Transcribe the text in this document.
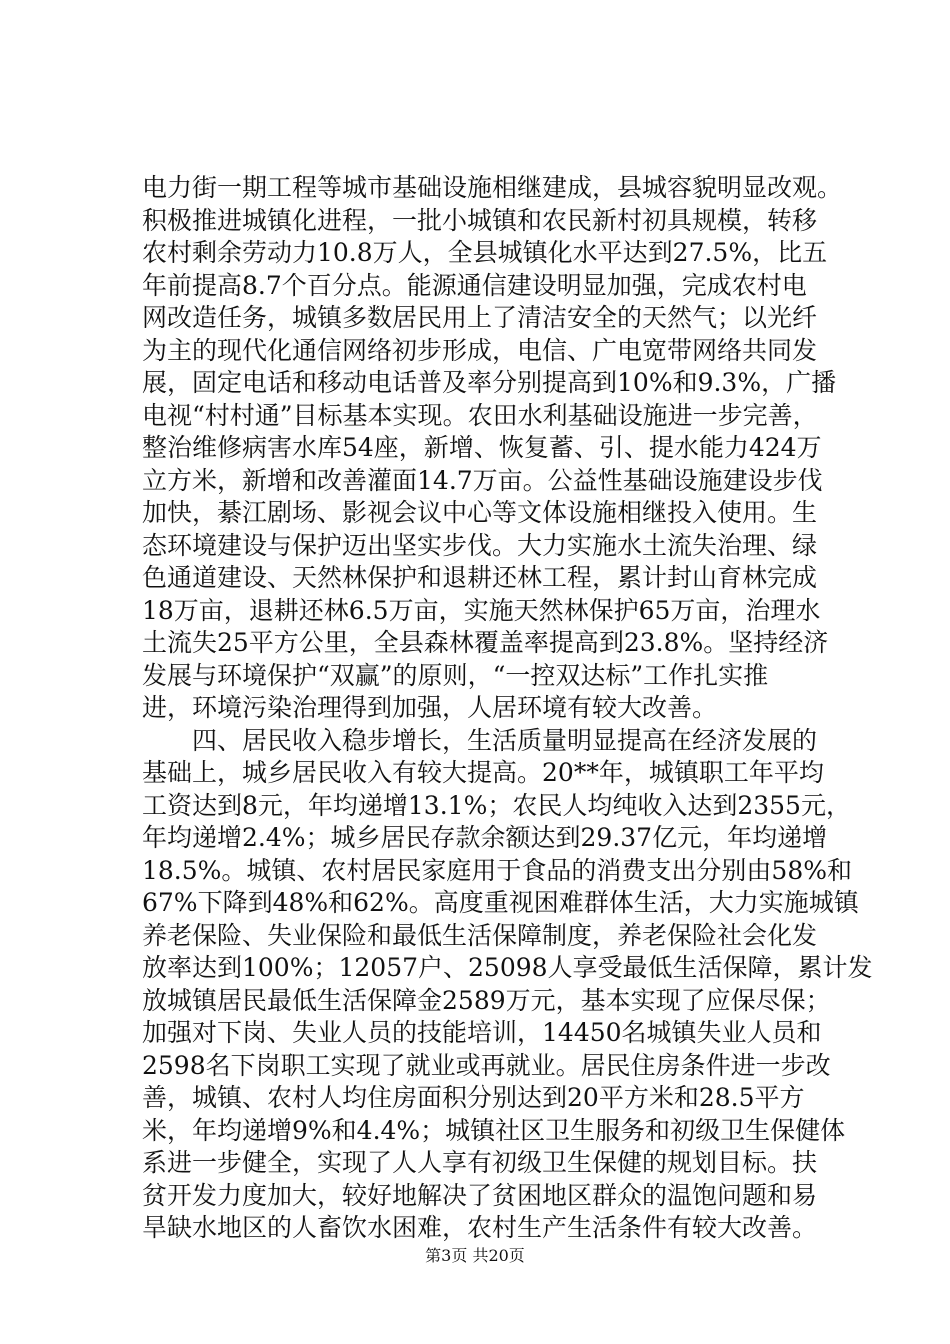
电力街一期工程等城市基础设施相继建成，县城容貌明显改观。
积极推进城镇化进程，一批小城镇和农民新村初具规模，转移
农村剩余劳动力10.8万人，全县城镇化水平达到27.5%，比五
年前提高8.7个百分点。能源通信建设明显加强，完成农村电
网改造任务，城镇多数居民用上了清洁安全的天然气；以光纤
为主的现代化通信网络初步形成，电信、广电宽带网络共同发
展，固定电话和移动电话普及率分别提高到10%和9.3%，广播
电视“村村通”目标基本实现。农田水利基础设施进一步完善，
整治维修病害水库54座，新增、恢复蓄、引、提水能力424万
立方米，新增和改善灌面14.7万亩。公益性基础设施建设步伐
加快，綦江剧场、影视会议中心等文体设施相继投入使用。生
态环境建设与保护迈出坚实步伐。大力实施水土流失治理、绿
色通道建设、天然林保护和退耕还林工程，累计封山育林完成
18万亩，退耕还林6.5万亩，实施天然林保护65万亩，治理水
土流失25平方公里，全县森林覆盖率提高到23.8%。坚持经济
发展与环境保护“双赢”的原则，“一控双达标”工作扎实推
进，环境污染治理得到加强，人居环境有较大改善。
　　四、居民收入稳步增长，生活质量明显提高在经济发展的
基础上，城乡居民收入有较大提高。20**年，城镇职工年平均
工资达到8元，年均递增13.1%；农民人均纯收入达到2355元，
年均递增2.4%；城乡居民存款余额达到29.37亿元，年均递增
18.5%。城镇、农村居民家庭用于食品的消费支出分别由58%和
67%下降到48%和62%。高度重视困难群体生活，大力实施城镇
养老保险、失业保险和最低生活保障制度，养老保险社会化发
放率达到100%；12057户、25098人享受最低生活保障，累计发
放城镇居民最低生活保障金2589万元，基本实现了应保尽保；
加强对下岗、失业人员的技能培训，14450名城镇失业人员和
2598名下岗职工实现了就业或再就业。居民住房条件进一步改
善，城镇、农村人均住房面积分别达到20平方米和28.5平方
米，年均递增9%和4.4%；城镇社区卫生服务和初级卫生保健体
系进一步健全，实现了人人享有初级卫生保健的规划目标。扶
贫开发力度加大，较好地解决了贫困地区群众的温饱问题和易
旱缺水地区的人畜饮水困难，农村生产生活条件有较大改善。
第3页 共20页
